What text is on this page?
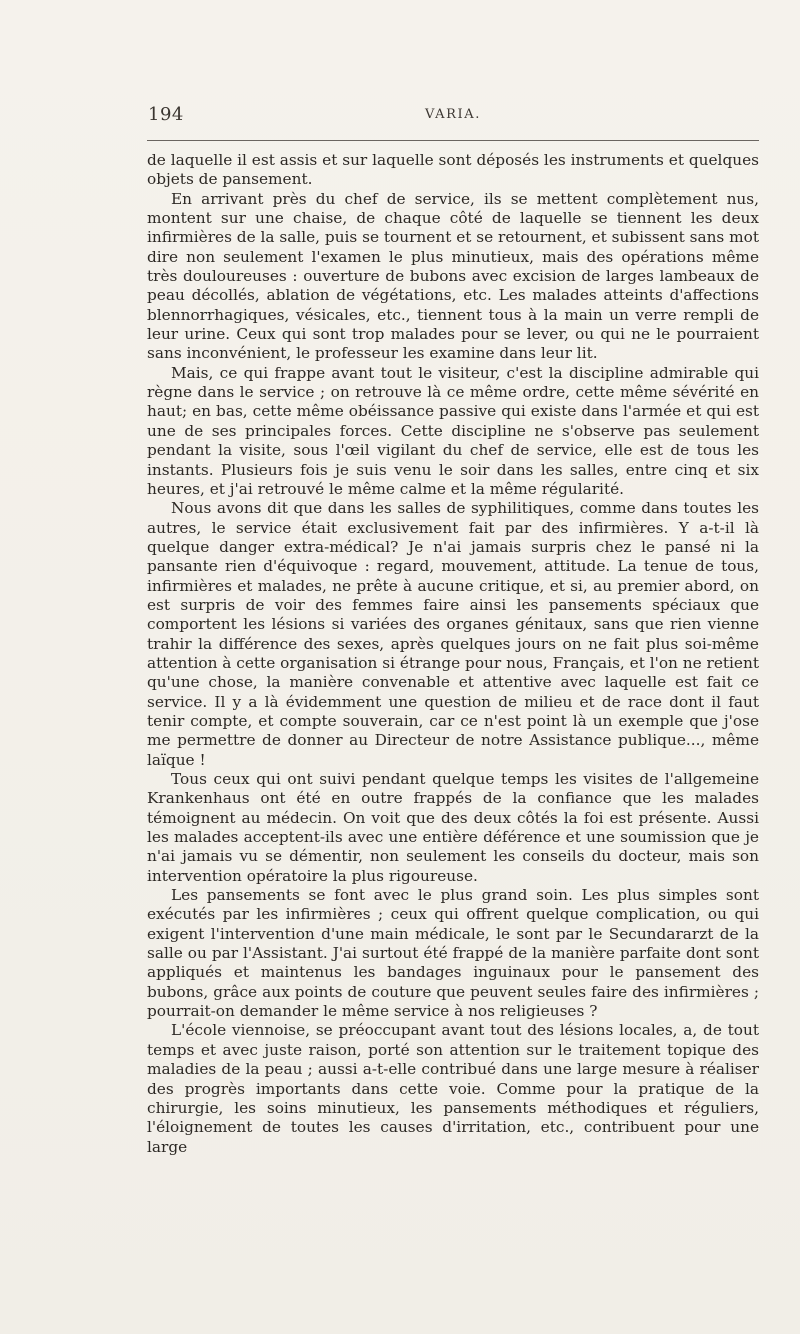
194	VARIA.

de laquelle il est assis et sur laquelle sont déposés les instruments et quelques objets de pansement.

En arrivant près du chef de service, ils se mettent complètement nus, montent sur une chaise, de chaque côté de laquelle se tiennent les deux infirmières de la salle, puis se tournent et se retournent, et subissent sans mot dire non seulement l'examen le plus minutieux, mais des opérations même très douloureuses : ouverture de bubons avec excision de larges lambeaux de peau décollés, ablation de végétations, etc. Les malades atteints d'affections blennorrhagiques, vésicales, etc., tiennent tous à la main un verre rempli de leur urine. Ceux qui sont trop malades pour se lever, ou qui ne le pourraient sans inconvénient, le professeur les examine dans leur lit.

Mais, ce qui frappe avant tout le visiteur, c'est la discipline admirable qui règne dans le service ; on retrouve là ce même ordre, cette même sévérité en haut; en bas, cette même obéissance passive qui existe dans l'armée et qui est une de ses principales forces. Cette discipline ne s'observe pas seulement pendant la visite, sous l'œil vigilant du chef de service, elle est de tous les instants. Plusieurs fois je suis venu le soir dans les salles, entre cinq et six heures, et j'ai retrouvé le même calme et la même régularité.

Nous avons dit que dans les salles de syphilitiques, comme dans toutes les autres, le service était exclusivement fait par des infirmières. Y a-t-il là quelque danger extra-médical? Je n'ai jamais surpris chez le pansé ni la pansante rien d'équivoque : regard, mouvement, attitude. La tenue de tous, infirmières et malades, ne prête à aucune critique, et si, au premier abord, on est surpris de voir des femmes faire ainsi les pansements spéciaux que comportent les lésions si variées des organes génitaux, sans que rien vienne trahir la différence des sexes, après quelques jours on ne fait plus soi-même attention à cette organisation si étrange pour nous, Français, et l'on ne retient qu'une chose, la manière convenable et attentive avec laquelle est fait ce service. Il y a là évidemment une question de milieu et de race dont il faut tenir compte, et compte souverain, car ce n'est point là un exemple que j'ose me permettre de donner au Directeur de notre Assistance publique..., même laïque !

Tous ceux qui ont suivi pendant quelque temps les visites de l'allgemeine Krankenhaus ont été en outre frappés de la confiance que les malades témoignent au médecin. On voit que des deux côtés la foi est présente. Aussi les malades acceptent-ils avec une entière déférence et une soumission que je n'ai jamais vu se démentir, non seulement les conseils du docteur, mais son intervention opératoire la plus rigoureuse.

Les pansements se font avec le plus grand soin. Les plus simples sont exécutés par les infirmières ; ceux qui offrent quelque complication, ou qui exigent l'intervention d'une main médicale, le sont par le Secundararzt de la salle ou par l'Assistant. J'ai surtout été frappé de la manière parfaite dont sont appliqués et maintenus les bandages inguinaux pour le pansement des bubons, grâce aux points de couture que peuvent seules faire des infirmières ; pourrait-on demander le même service à nos religieuses ?

L'école viennoise, se préoccupant avant tout des lésions locales, a, de tout temps et avec juste raison, porté son attention sur le traitement topique des maladies de la peau ; aussi a-t-elle contribué dans une large mesure à réaliser des progrès importants dans cette voie. Comme pour la pratique de la chirurgie, les soins minutieux, les pansements méthodiques et réguliers, l'éloignement de toutes les causes d'irritation, etc., contribuent pour une large
